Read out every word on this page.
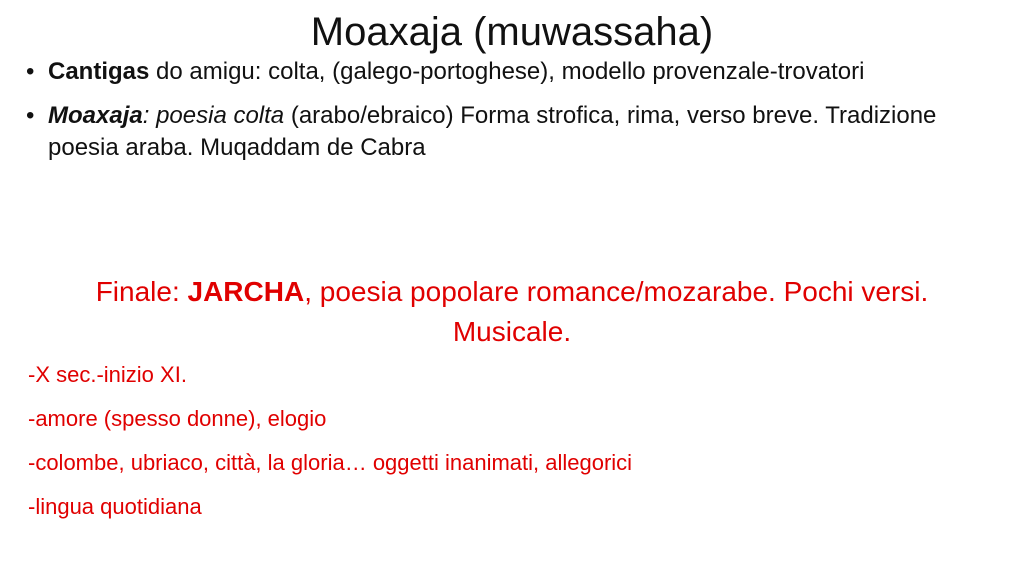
Moaxaja (muwassaha)
• Cantigas do amigu: colta, (galego-portoghese), modello provenzale-trovatori
• Moaxaja: poesia colta (arabo/ebraico) Forma strofica, rima, verso breve. Tradizione poesia araba. Muqaddam de Cabra

Finale: JARCHA, poesia popolare romance/mozarabe. Pochi versi. Musicale.

-X sec.-inizio XI.
-amore (spesso donne), elogio
-colombe, ubriaco, città, la gloria… oggetti inanimati, allegorici
-lingua quotidiana
